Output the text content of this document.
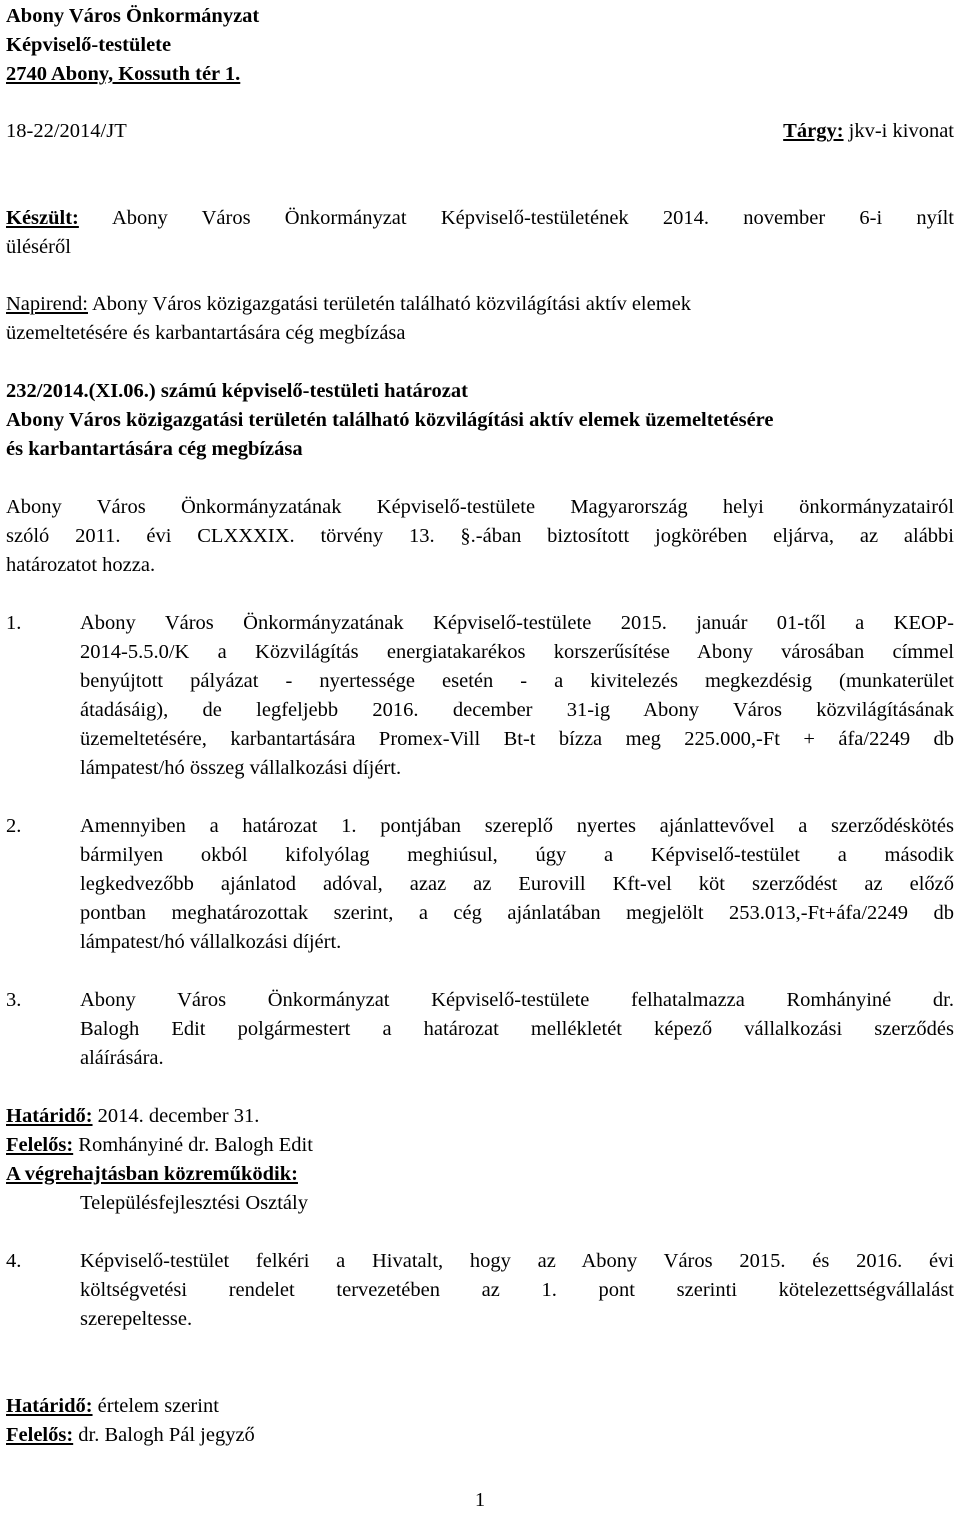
Abony Város Önkormányzat
Képviselő-testülete
2740 Abony, Kossuth tér 1.
18-22/2014/JT	Tárgy: jkv-i kivonat
Készült: Abony Város Önkormányzat Képviselő-testületének 2014. november 6-i nyílt
üléséről
Napirend: Abony Város közigazgatási területén található közvilágítási aktív elemek
üzemeltetésére és karbantartására cég megbízása
232/2014.(XI.06.) számú képviselő-testületi határozat
Abony Város közigazgatási területén található közvilágítási aktív elemek üzemeltetésére
és karbantartására cég megbízása
Abony Város Önkormányzatának Képviselő-testülete Magyarország helyi önkormányzatairól
szóló 2011. évi CLXXXIX. törvény 13. §.-ában biztosított jogkörében eljárva, az alábbi
határozatot hozza.
1.	Abony Város Önkormányzatának Képviselő-testülete 2015. január 01-től a KEOP-
2014-5.5.0/K a Közvilágítás energiatakarékos korszerűsítése Abony városában címmel
benyújtott pályázat - nyertessége esetén - a kivitelezés megkezdésig (munkaterület
átadásáig), de legfeljebb 2016. december 31-ig Abony Város közvilágításának
üzemeltetésére, karbantartására Promex-Vill Bt-t bízza meg 225.000,-Ft + áfa/2249 db
lámpatest/hó összeg vállalkozási díjért.
2.	Amennyiben a határozat 1. pontjában szereplő nyertes ajánlattevővel a szerződéskötés
bármilyen okból kifolyólag meghiúsul, úgy a Képviselő-testület a második
legkedvezőbb ajánlatod adóval, azaz az Eurovill Kft-vel köt szerződést az előző
pontban meghatározottak szerint, a cég ajánlatában megjelölt 253.013,-Ft+áfa/2249 db
lámpatest/hó vállalkozási díjért.
3.	Abony Város Önkormányzat Képviselő-testülete felhatalmazza Romhányiné dr.
Balogh Edit polgármestert a határozat mellékletét képező vállalkozási szerződés
aláírására.
Határidő: 2014. december 31.
Felelős: Romhányiné dr. Balogh Edit
A végrehajtásban közreműködik:
Településfejlesztési Osztály
4.	Képviselő-testület felkéri a Hivatalt, hogy az Abony Város 2015. és 2016. évi
költségvetési rendelet tervezetében az 1. pont szerinti kötelezettségvállalást
szerepeltesse.
Határidő: értelem szerint
Felelős: dr. Balogh Pál jegyző
1
